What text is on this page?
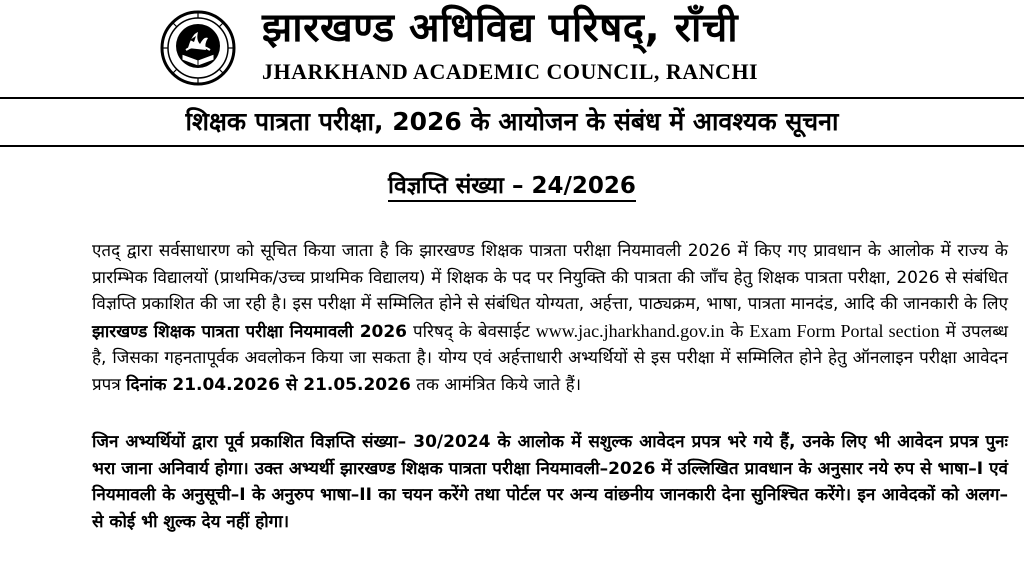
झारखण्ड अधिविद्य परिषद्, राँची
JHARKHAND ACADEMIC COUNCIL, RANCHI
शिक्षक पात्रता परीक्षा, 2026 के आयोजन के संबंध में आवश्यक सूचना
विज्ञप्ति संख्या – 24/2026
एतद् द्वारा सर्वसाधारण को सूचित किया जाता है कि झारखण्ड शिक्षक पात्रता परीक्षा नियमावली 2026 में किए गए प्रावधान के आलोक में राज्य के प्रारम्भिक विद्यालयों (प्राथमिक/उच्च प्राथमिक विद्यालय) में शिक्षक के पद पर नियुक्ति की पात्रता की जाँच हेतु शिक्षक पात्रता परीक्षा, 2026 से संबंधित विज्ञप्ति प्रकाशित की जा रही है। इस परीक्षा में सम्मिलित होने से संबंधित योग्यता, अर्हत्ता, पाठ्यक्रम, भाषा, पात्रता मानदंड, आदि की जानकारी के लिए झारखण्ड शिक्षक पात्रता परीक्षा नियमावली 2026 परिषद् के बेवसाईट www.jac.jharkhand.gov.in के Exam Form Portal section में उपलब्ध है, जिसका गहनतापूर्वक अवलोकन किया जा सकता है। योग्य एवं अर्हत्ताधारी अभ्यर्थियों से इस परीक्षा में सम्मिलित होने हेतु ऑनलाइन परीक्षा आवेदन प्रपत्र दिनांक 21.04.2026 से 21.05.2026 तक आमंत्रित किये जाते हैं।
जिन अभ्यर्थियों द्वारा पूर्व प्रकाशित विज्ञप्ति संख्या– 30/2024 के आलोक में सशुल्क आवेदन प्रपत्र भरे गये हैं, उनके लिए भी आवेदन प्रपत्र पुनः भरा जाना अनिवार्य होगा। उक्त अभ्यर्थी झारखण्ड शिक्षक पात्रता परीक्षा नियमावली–2026 में उल्लिखित प्रावधान के अनुसार नये रुप से भाषा–I एवं नियमावली के अनुसूची–I के अनुरुप भाषा–II का चयन करेंगे तथा पोर्टल पर अन्य वांछनीय जानकारी देना सुनिश्चित करेंगे। इन आवेदकों को अलग–से कोई भी शुल्क देय नहीं होगा।
